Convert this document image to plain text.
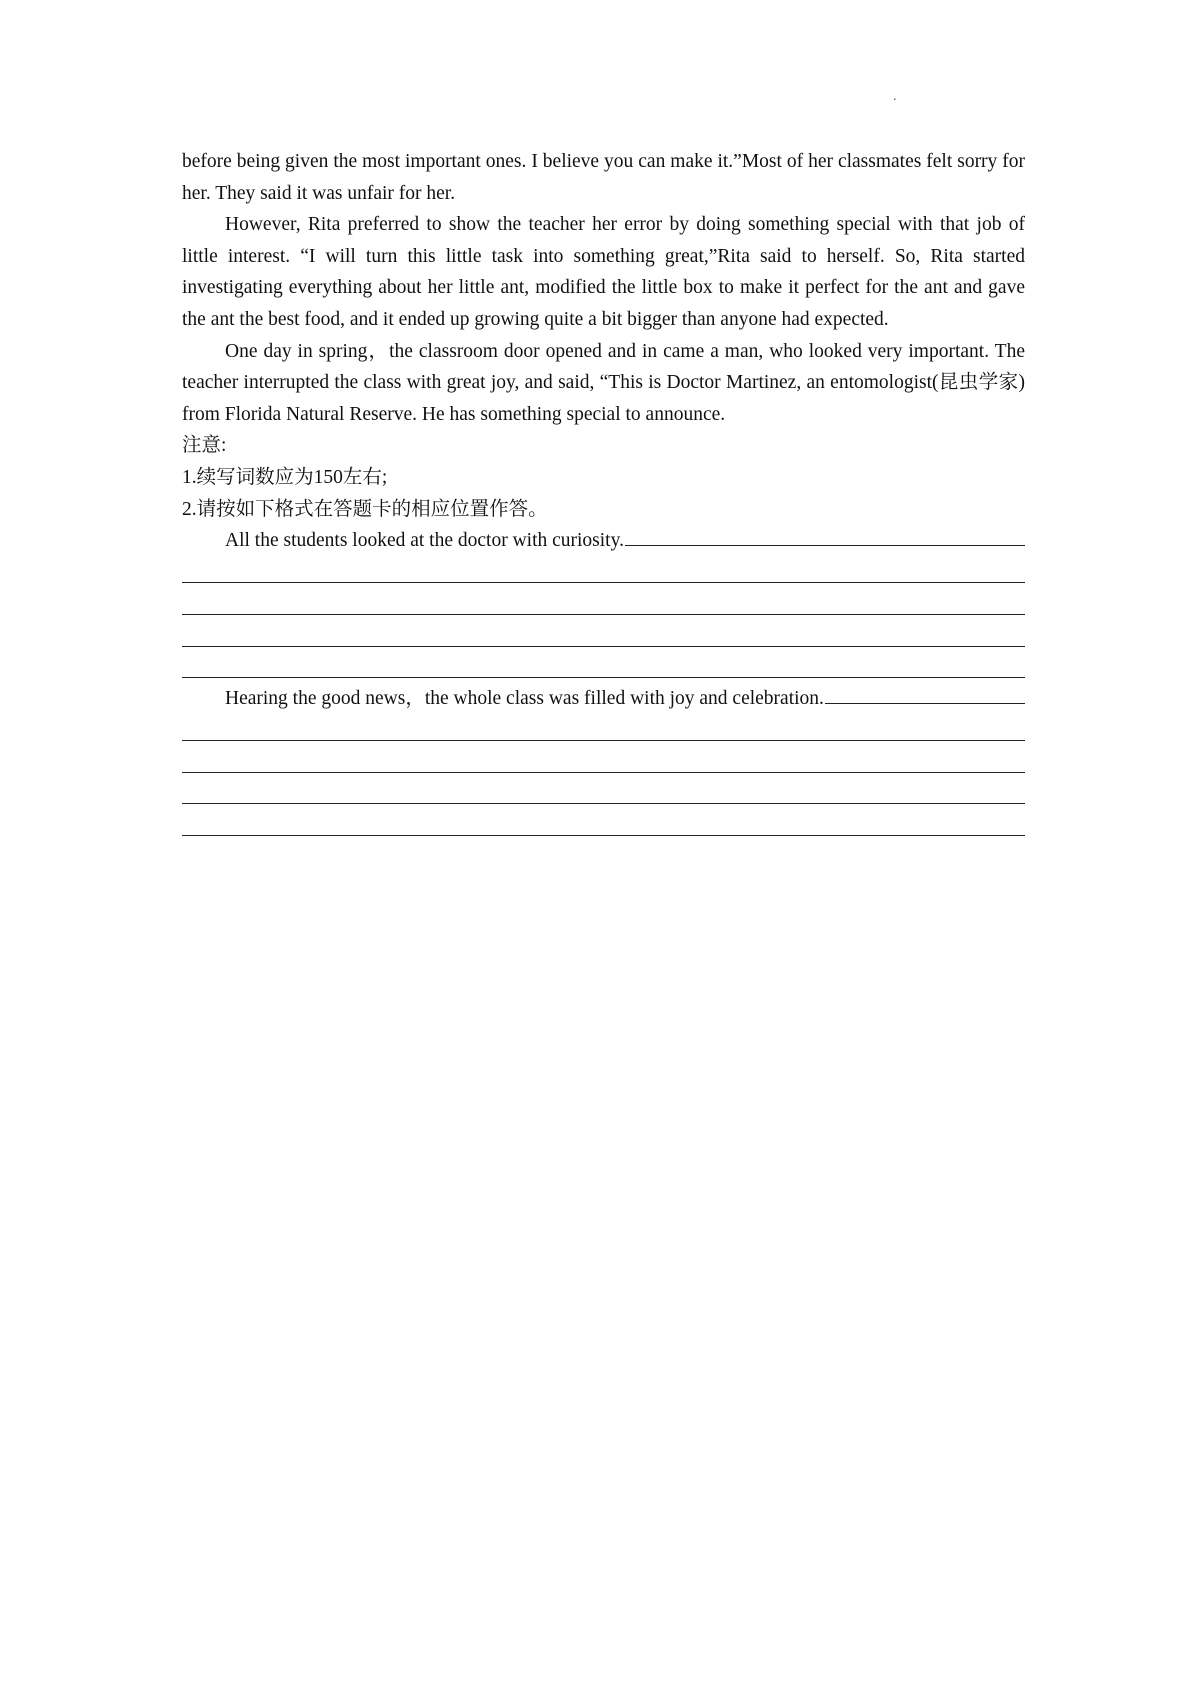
.

before being given the most important ones. I believe you can make it.”Most of her classmates felt sorry for her. They said it was unfair for her.

However, Rita preferred to show the teacher her error by doing something special with that job of little interest. “I will turn this little task into something great,”Rita said to herself. So, Rita started investigating everything about her little ant, modified the little box to make it perfect for the ant and gave the ant the best food, and it ended up growing quite a bit bigger than anyone had expected.

One day in spring，the classroom door opened and in came a man, who looked very important. The teacher interrupted the class with great joy, and said, “This is Doctor Martinez, an entomologist(昆虫学家) from Florida Natural Reserve. He has something special to announce.

注意:

1.续写词数应为150左右;

2.请按如下格式在答题卡的相应位置作答。

All the students looked at the doctor with curiosity.
Hearing the good news，the whole class was filled with joy and celebration.
